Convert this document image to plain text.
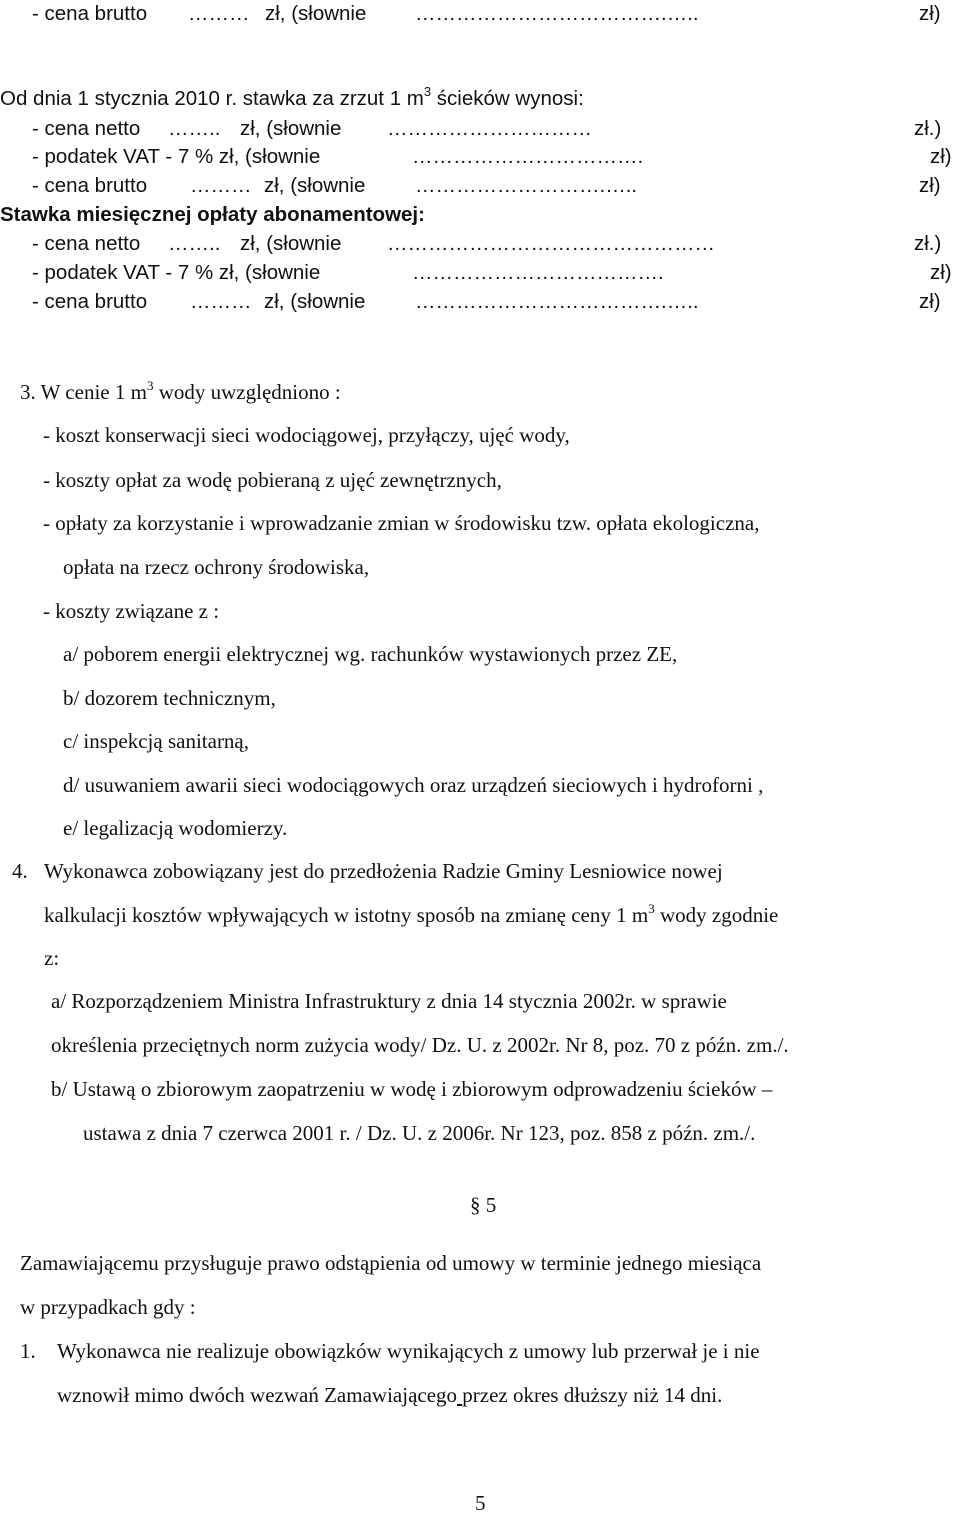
- cena brutto ……… zł, (słownie ……………………………….…..	zł)
Od dnia 1 stycznia 2010 r. stawka za zrzut 1 $m^3$ ścieków wynosi:
- cena netto …….. zł, (słownie …………………………	zł.)
- podatek VAT - 7 % zł, (słownie	…………………………….	zł)
- cena brutto ……… zł, (słownie ……………………….…..	zł)
Stawka miesięcznej opłaty abonamentowej:
- cena netto …….. zł, (słownie …………………………………………	zł.)
- podatek VAT - 7 % zł, (słownie	……………………………….	zł)
- cena brutto ……… zł, (słownie ……………………………….…..	zł)
3. W cenie 1 $m^3$ wody uwzględniono :
- koszt konserwacji sieci wodociągowej, przyłączy, ujęć wody,
- koszty opłat za wodę pobieraną z ujęć zewnętrznych,
- opłaty za korzystanie i wprowadzanie zmian w środowisku tzw. opłata ekologiczna,
opłata na rzecz ochrony środowiska,
- koszty związane z :
a/ poborem energii elektrycznej wg. rachunków wystawionych przez ZE,
b/ dozorem technicznym,
c/ inspekcją sanitarną,
d/ usuwaniem awarii sieci wodociągowych oraz urządzeń sieciowych i hydroforni ,
e/ legalizacją wodomierzy.
4. Wykonawca zobowiązany jest do przedłożenia Radzie Gminy Lesniowice nowej
kalkulacji kosztów wpływających w istotny sposób na zmianę ceny 1 $m^3$ wody zgodnie
z:
a/ Rozporządzeniem Ministra Infrastruktury z dnia 14 stycznia 2002r. w sprawie
określenia przeciętnych norm zużycia wody/ Dz. U. z 2002r. Nr 8, poz. 70 z późn. zm./.
b/ Ustawą o zbiorowym zaopatrzeniu w wodę i zbiorowym odprowadzeniu ścieków –
ustawa z dnia 7 czerwca 2001 r. / Dz. U. z 2006r. Nr 123, poz. 858 z późn. zm./.
§ 5
Zamawiającemu przysługuje prawo odstąpienia od umowy w terminie jednego miesiąca
w przypadkach gdy :
1. Wykonawca nie realizuje obowiązków wynikających z umowy lub przerwał je i nie
wznowił mimo dwóch wezwań Zamawiającego przez okres dłuższy niż 14 dni.
5
